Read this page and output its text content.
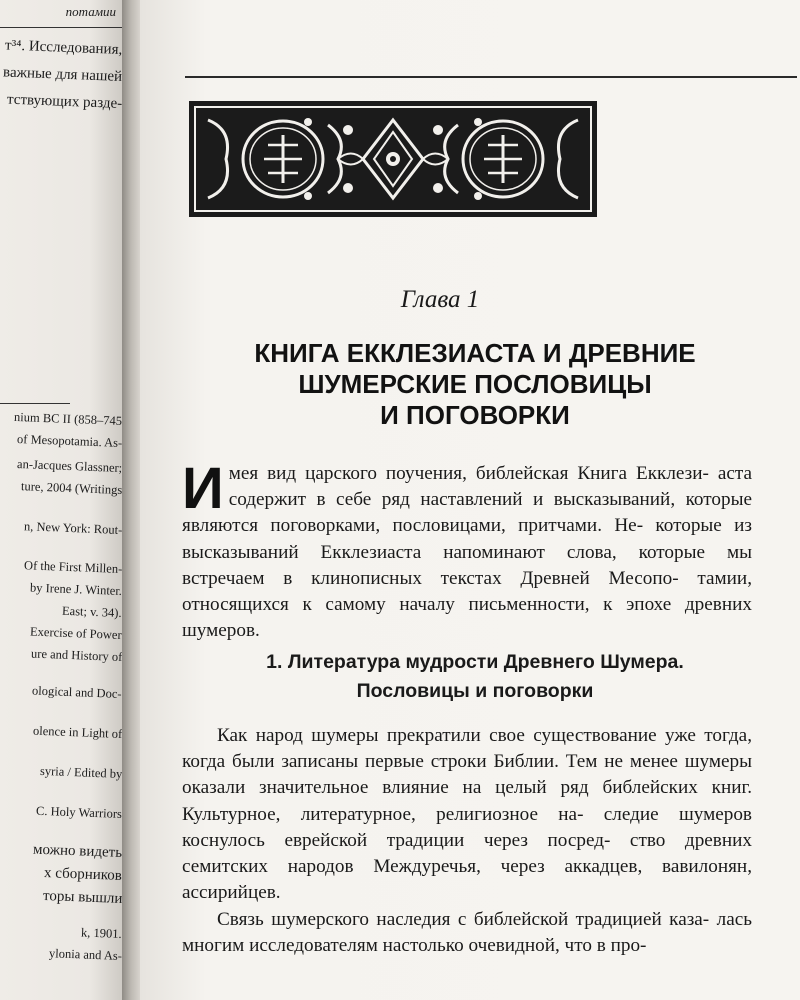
потамии
т³⁴. Исследования,
важные для нашей
тствующих разде-
nium BC II (858–745
of Mesopotamia. As-
an-Jacques Glassner;
ture, 2004 (Writings
n, New York: Rout-
Of the First Millen-
by Irene J. Winter.
East; v. 34).
Exercise of Power
ure and History of
ological and Doc-
olence in Light of
syria / Edited by
C. Holy Warriors
можно видеть
х сборников
торы вышли
k, 1901.
ylonia and As-
Глава 1
КНИГА ЕККЛЕЗИАСТА И ДРЕВНИЕ
ШУМЕРСКИЕ ПОСЛОВИЦЫ
И ПОГОВОРКИ

Имея вид царского поучения, библейская Книга Екклези- аста содержит в себе ряд наставлений и высказываний, которые являются поговорками, пословицами, притчами. Не- которые из высказываний Екклезиаста напоминают слова, которые мы встречаем в клинописных текстах Древней Месопо- тамии, относящихся к самому началу письменности, к эпохе древних шумеров.

1. Литература мудрости Древнего Шумера.
Пословицы и поговорки

Как народ шумеры прекратили свое существование уже тогда, когда были записаны первые строки Библии. Тем не менее шумеры оказали значительное влияние на целый ряд библейских книг. Культурное, литературное, религиозное на- следие шумеров коснулось еврейской традиции через посред- ство древних семитских народов Междуречья, через аккадцев, вавилонян, ассирийцев.

Связь шумерского наследия с библейской традицией каза- лась многим исследователям настолько очевидной, что в про-
